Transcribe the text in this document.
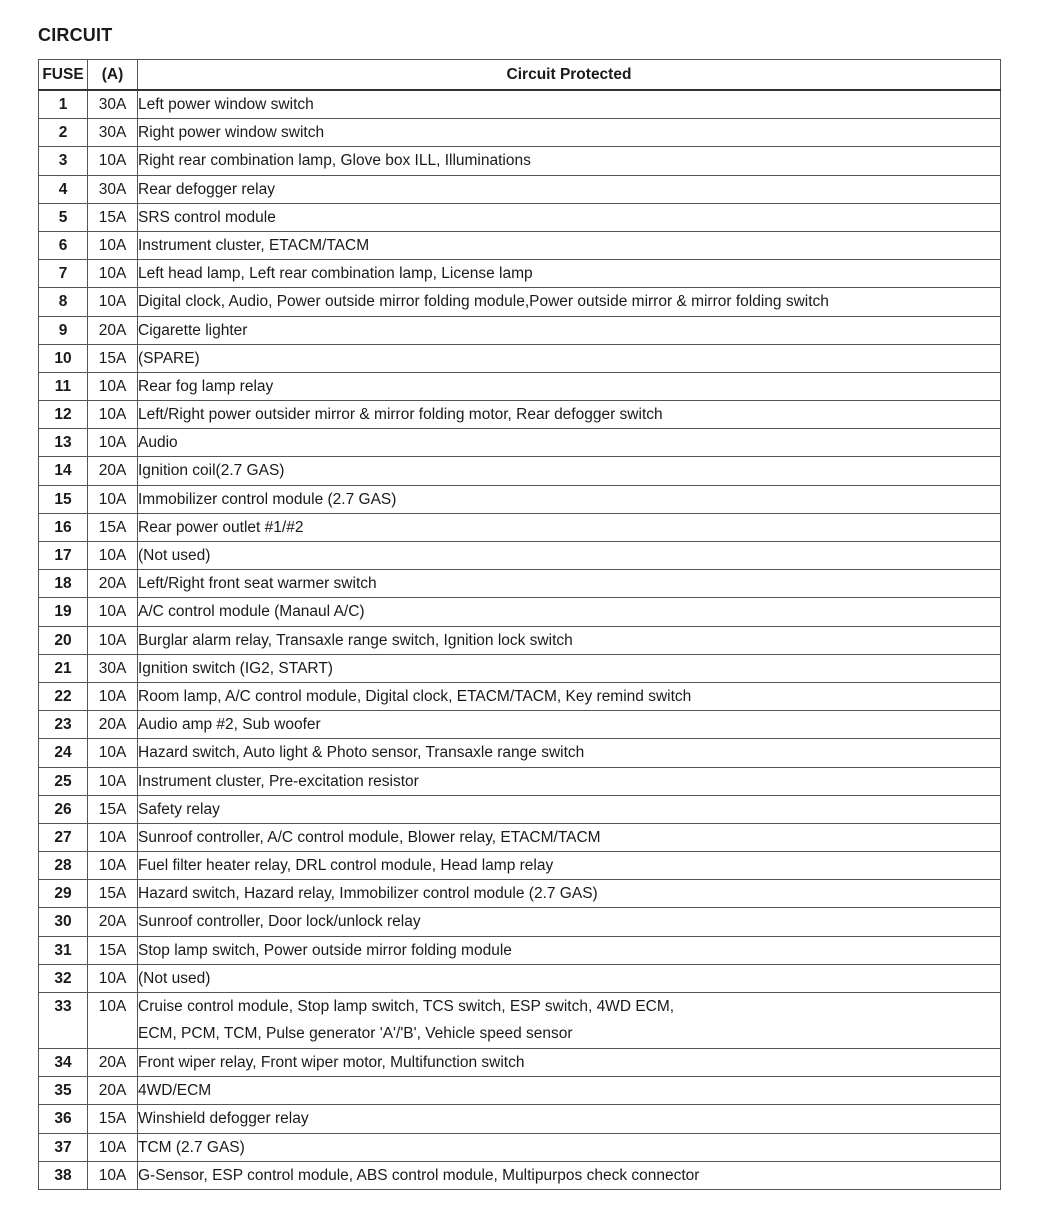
CIRCUIT
FUSE	(A)	Circuit Protected
1	30A	Left power window switch
2	30A	Right power window switch
3	10A	Right rear combination lamp, Glove box ILL, Illuminations
4	30A	Rear defogger relay
5	15A	SRS control module
6	10A	Instrument cluster, ETACM/TACM
7	10A	Left head lamp, Left rear combination lamp, License lamp
8	10A	Digital clock, Audio, Power outside mirror folding module,Power outside mirror & mirror folding switch
9	20A	Cigarette lighter
10	15A	(SPARE)
11	10A	Rear fog lamp relay
12	10A	Left/Right power outsider mirror & mirror folding motor, Rear defogger switch
13	10A	Audio
14	20A	Ignition coil(2.7 GAS)
15	10A	Immobilizer control module (2.7 GAS)
16	15A	Rear power outlet #1/#2
17	10A	(Not used)
18	20A	Left/Right front seat warmer switch
19	10A	A/C control module (Manaul A/C)
20	10A	Burglar alarm relay, Transaxle range switch, Ignition lock switch
21	30A	Ignition switch (IG2, START)
22	10A	Room lamp, A/C control module, Digital clock, ETACM/TACM, Key remind switch
23	20A	Audio amp #2, Sub woofer
24	10A	Hazard switch, Auto light & Photo sensor, Transaxle range switch
25	10A	Instrument cluster, Pre-excitation resistor
26	15A	Safety relay
27	10A	Sunroof controller, A/C control module, Blower relay, ETACM/TACM
28	10A	Fuel filter heater relay, DRL control module, Head lamp relay
29	15A	Hazard switch, Hazard relay, Immobilizer control module (2.7 GAS)
30	20A	Sunroof controller, Door lock/unlock relay
31	15A	Stop lamp switch, Power outside mirror folding module
32	10A	(Not used)
33	10A	Cruise control module, Stop lamp switch, TCS switch, ESP switch, 4WD ECM,
ECM, PCM, TCM, Pulse generator 'A'/'B', Vehicle speed sensor

34	20A	Front wiper relay, Front wiper motor, Multifunction switch
35	20A	4WD/ECM
36	15A	Winshield defogger relay
37	10A	TCM (2.7 GAS)
38	10A	G-Sensor, ESP control module, ABS control module, Multipurpos check connector
